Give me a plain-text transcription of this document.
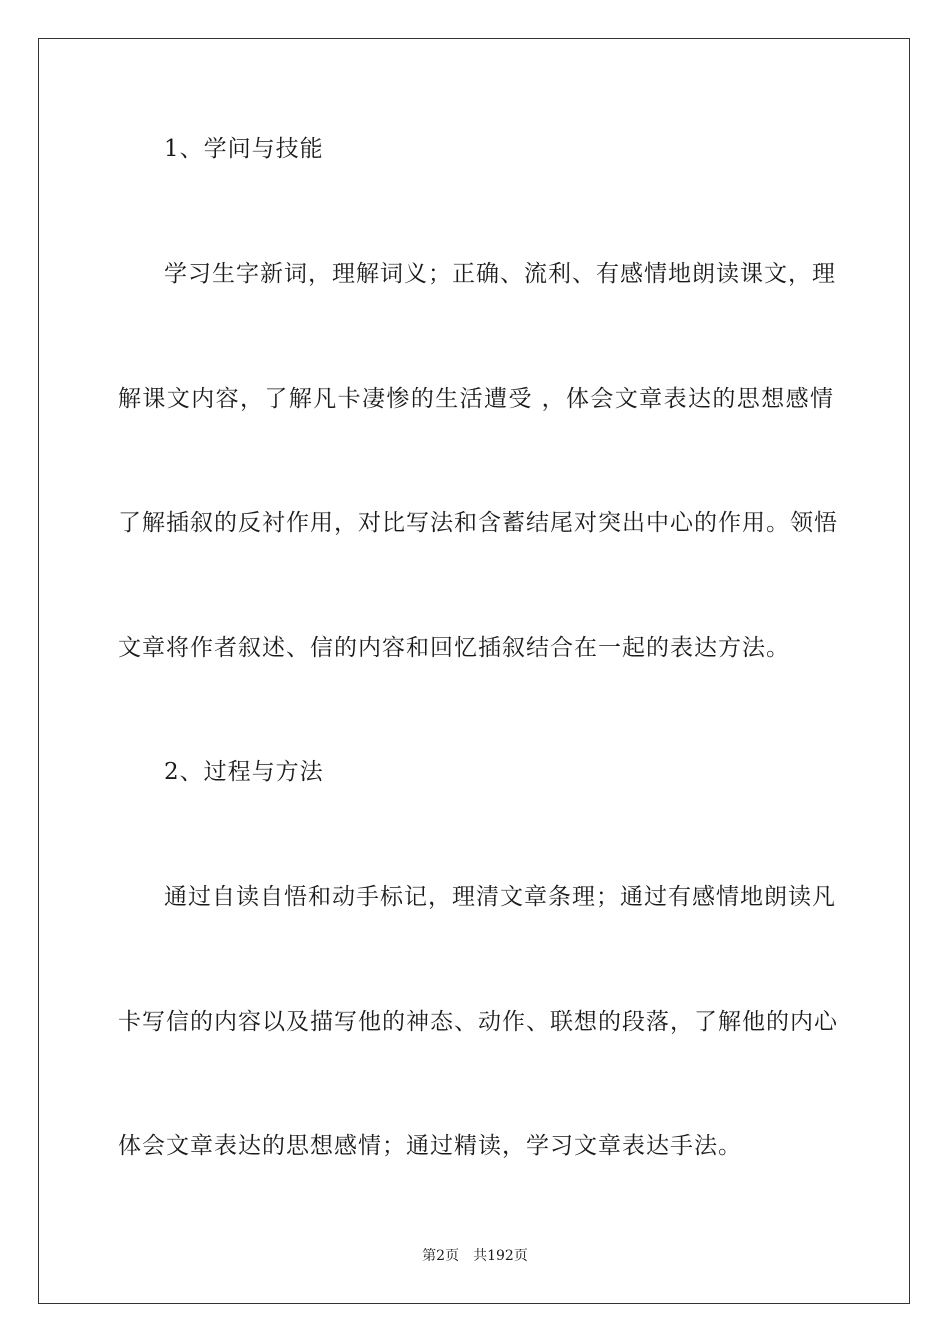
1、学问与技能
学习生字新词，理解词义；正确、流利、有感情地朗读课文，理
解课文内容，了解凡卡凄惨的生活遭受 ，体会文章表达的思想感情
了解插叙的反衬作用，对比写法和含蓄结尾对突出中心的作用。领悟
文章将作者叙述、信的内容和回忆插叙结合在一起的表达方法。
2、过程与方法
通过自读自悟和动手标记，理清文章条理；通过有感情地朗读凡
卡写信的内容以及描写他的神态、动作、联想的段落，了解他的内心
体会文章表达的思想感情；通过精读，学习文章表达手法。
第2页 共192页
